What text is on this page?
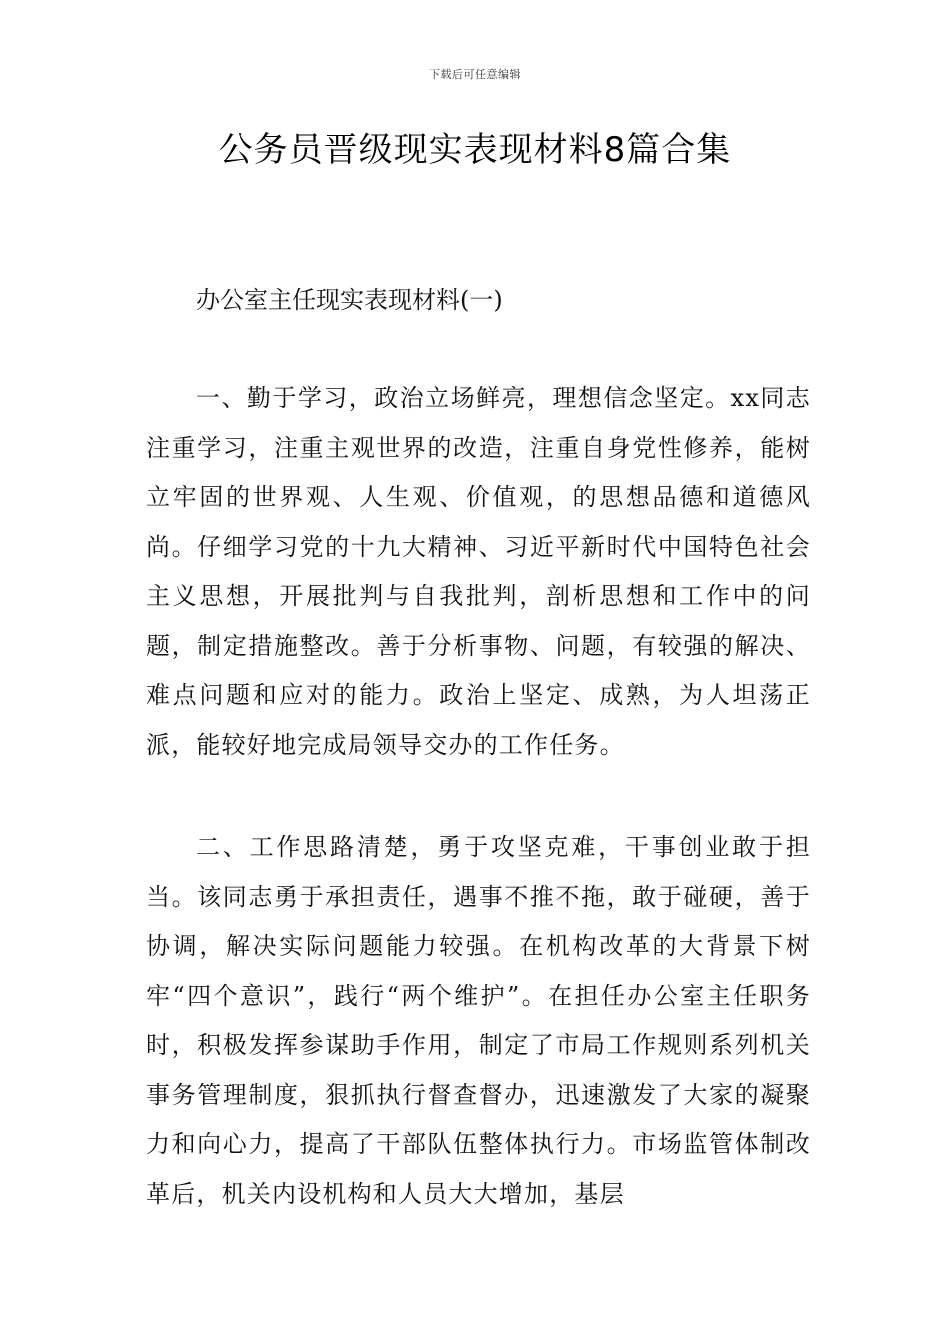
下载后可任意编辑
公务员晋级现实表现材料8篇合集
办公室主任现实表现材料(一)

一、勤于学习，政治立场鲜亮，理想信念坚定。xx同志注重学习，注重主观世界的改造，注重自身党性修养，能树立牢固的世界观、人生观、价值观，的思想品德和道德风尚。仔细学习党的十九大精神、习近平新时代中国特色社会主义思想，开展批判与自我批判，剖析思想和工作中的问题，制定措施整改。善于分析事物、问题，有较强的解决、难点问题和应对的能力。政治上坚定、成熟，为人坦荡正派，能较好地完成局领导交办的工作任务。

二、工作思路清楚，勇于攻坚克难，干事创业敢于担当。该同志勇于承担责任，遇事不推不拖，敢于碰硬，善于协调，解决实际问题能力较强。在机构改革的大背景下树牢“四个意识”，践行“两个维护”。在担任办公室主任职务时，积极发挥参谋助手作用，制定了市局工作规则系列机关事务管理制度，狠抓执行督查督办，迅速激发了大家的凝聚力和向心力，提高了干部队伍整体执行力。市场监管体制改革后，机关内设机构和人员大大增加，基层
